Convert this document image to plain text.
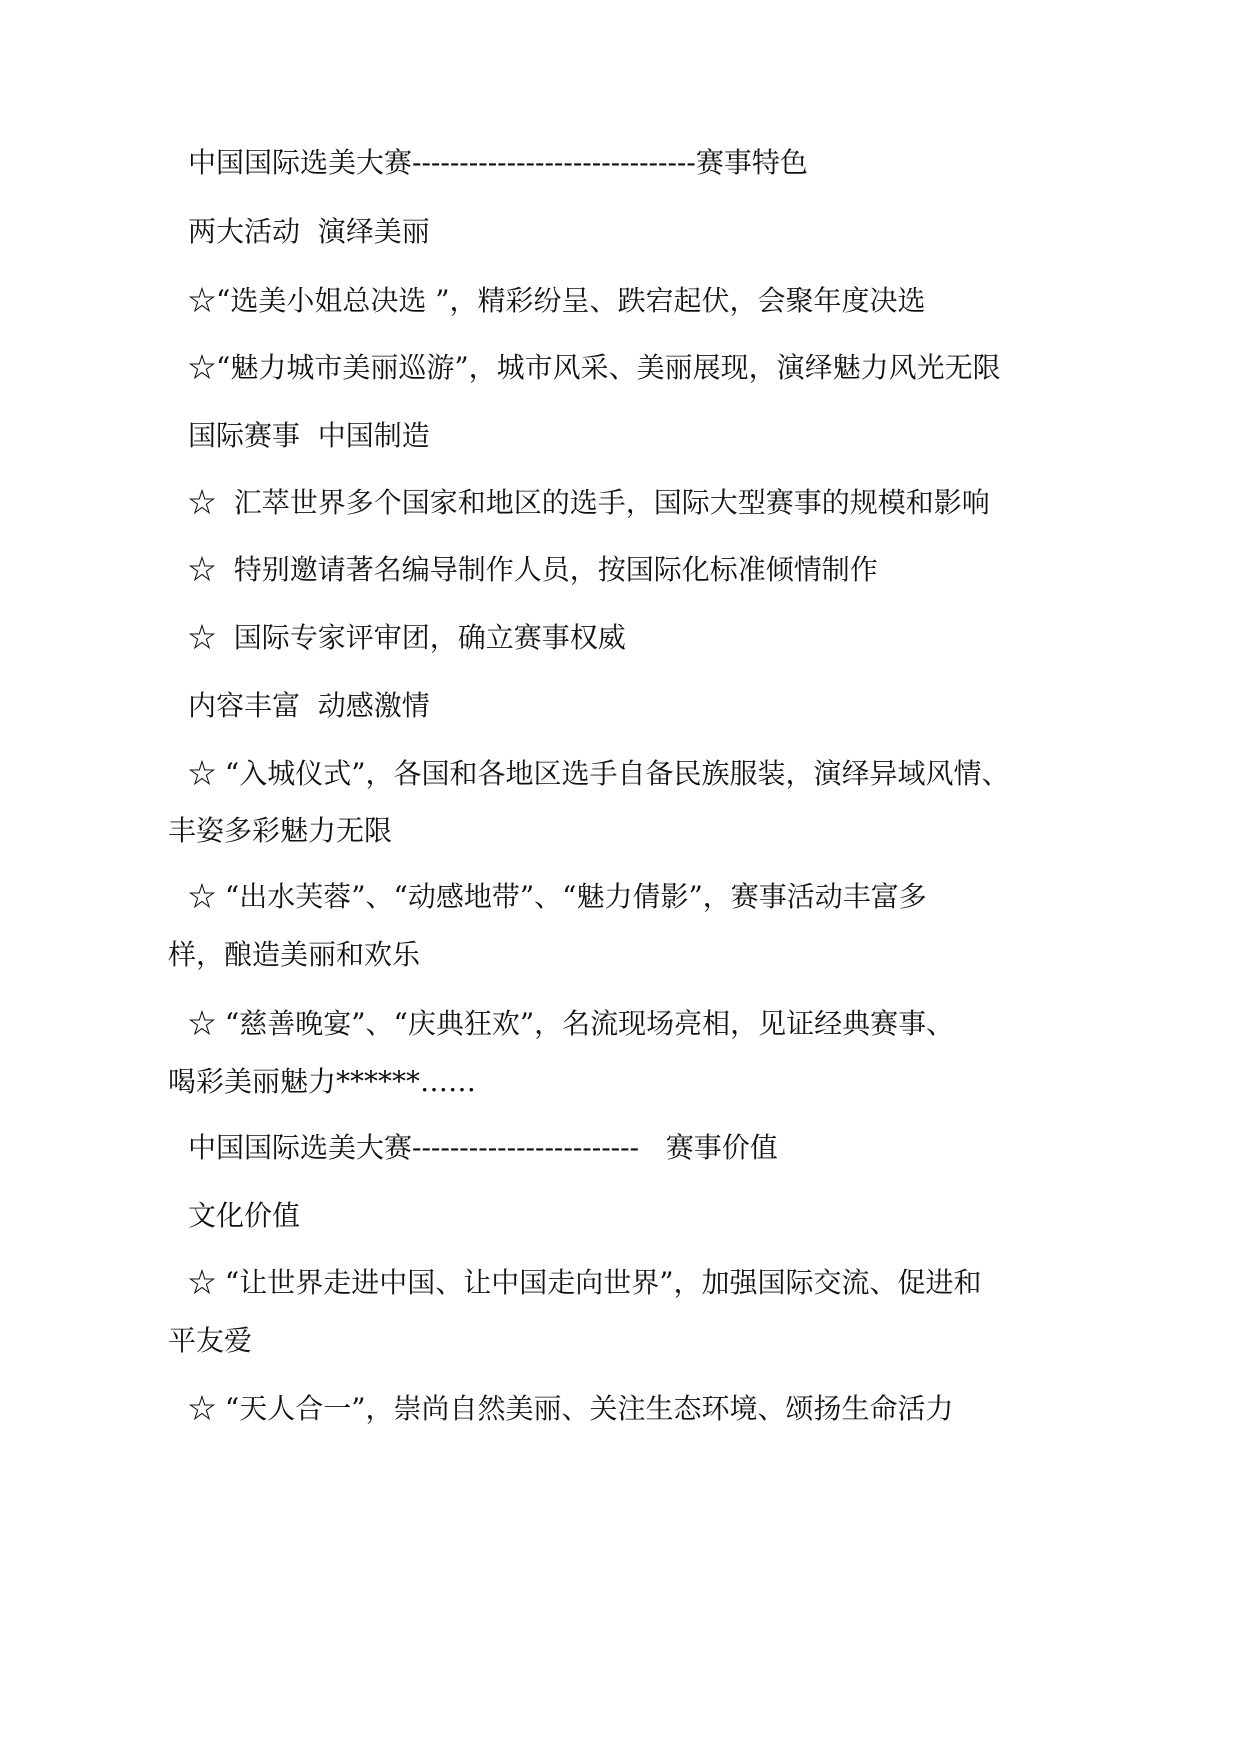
中国国际选美大赛------------------------------赛事特色
两大活动  演绎美丽
☆“选美小姐总决选 ”，精彩纷呈、跌宕起伏，会聚年度决选
☆“魅力城市美丽巡游”，城市风采、美丽展现，演绎魅力风光无限
国际赛事  中国制造
☆  汇萃世界多个国家和地区的选手，国际大型赛事的规模和影响
☆  特别邀请著名编导制作人员，按国际化标准倾情制作
☆  国际专家评审团，确立赛事权威
内容丰富  动感激情
☆ “入城仪式”，各国和各地区选手自备民族服装，演绎异域风情、
丰姿多彩魅力无限
☆ “出水芙蓉”、“动感地带”、“魅力倩影”，赛事活动丰富多
样，酿造美丽和欢乐
☆ “慈善晚宴”、“庆典狂欢”，名流现场亮相，见证经典赛事、
喝彩美丽魅力******……
中国国际选美大赛------------------------   赛事价值
文化价值
☆ “让世界走进中国、让中国走向世界”，加强国际交流、促进和
平友爱
☆ “天人合一”，崇尚自然美丽、关注生态环境、颂扬生命活力
